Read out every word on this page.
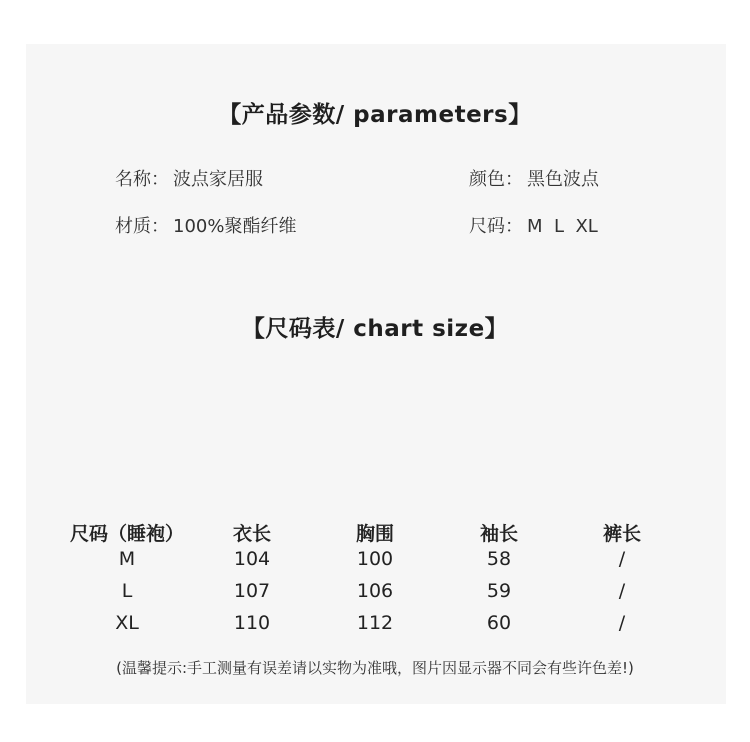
【产品参数/ parameters】
名称： 波点家居服	颜色： 黑色波点
材质： 100%聚酯纤维	尺码： M  L  XL
【尺码表/ chart size】
尺码（睡袍）
M
L
XL
衣长
104
107
110
胸围
100
106
112
袖长
58
59
60
裤长
/
/
/
(温馨提示:手工测量有误差请以实物为准哦，图片因显示器不同会有些许色差!)
